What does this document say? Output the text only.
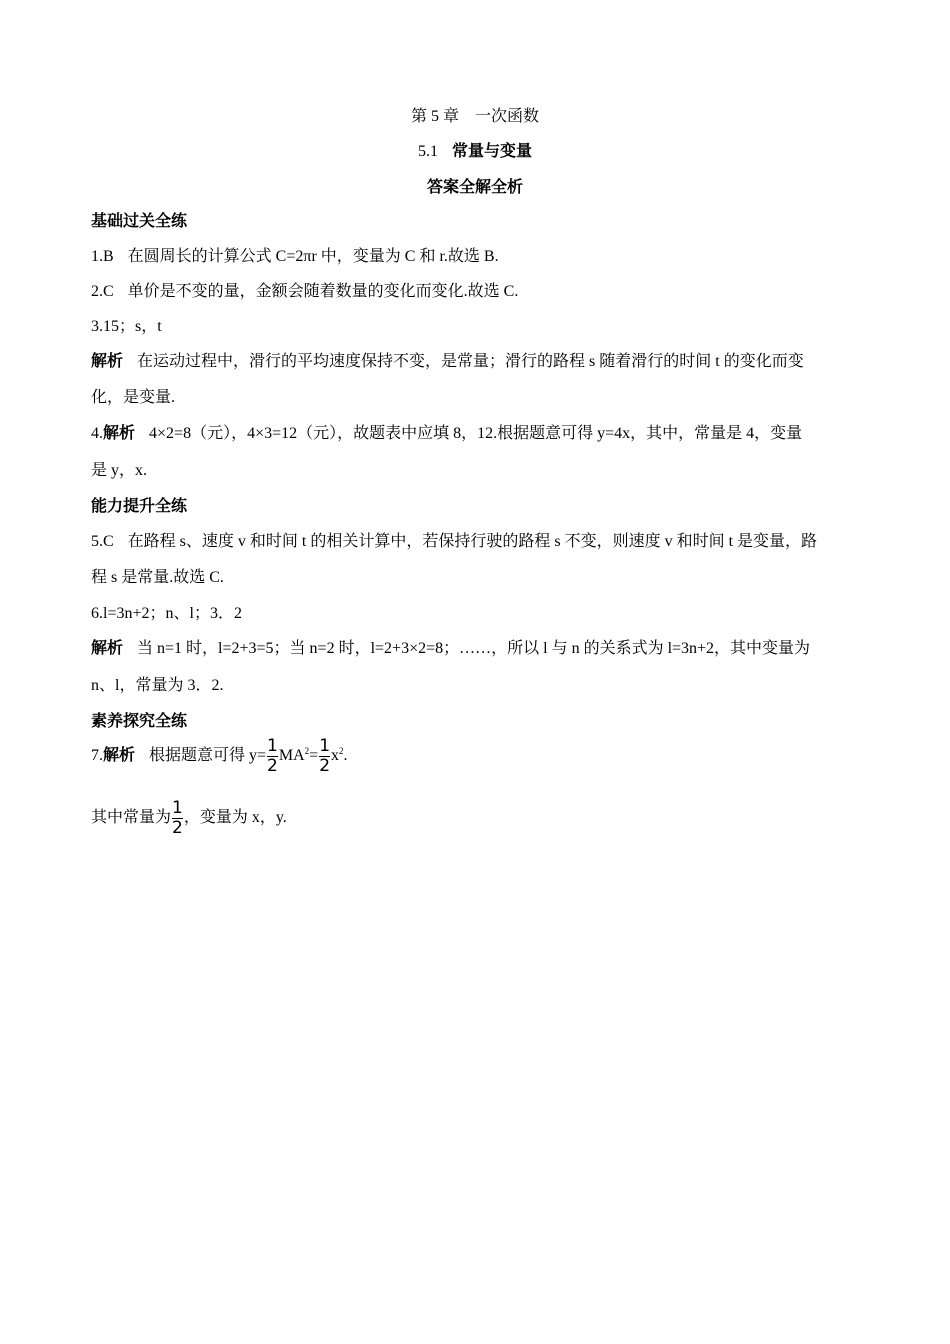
第 5 章　一次函数
5.1 常量与变量
答案全解全析
基础过关全练
1.B 在圆周长的计算公式 C=2πr 中，变量为 C 和 r.故选 B.
2.C 单价是不变的量，金额会随着数量的变化而变化.故选 C.
3.15；s，t
解析 在运动过程中，滑行的平均速度保持不变，是常量；滑行的路程 s 随着滑行的时间 t 的变化而变
化，是变量.
4.解析 4×2=8（元），4×3=12（元），故题表中应填 8，12.根据题意可得 y=4x，其中，常量是 4，变量
是 y，x.
能力提升全练
5.C 在路程 s、速度 v 和时间 t 的相关计算中，若保持行驶的路程 s 不变，则速度 v 和时间 t 是变量，路
程 s 是常量.故选 C.
6.l=3n+2；n、l；3．2
解析 当 n=1 时，l=2+3=5；当 n=2 时，l=2+3×2=8；……，所以 l 与 n 的关系式为 l=3n+2，其中变量为
n、l，常量为 3．2.
素养探究全练
7.解析 根据题意可得 $y= \frac{1}{2} MA^2= \frac{1}{2} x^2$.
其中常量为 $\frac{1}{2}$ ，变量为 x，y.
